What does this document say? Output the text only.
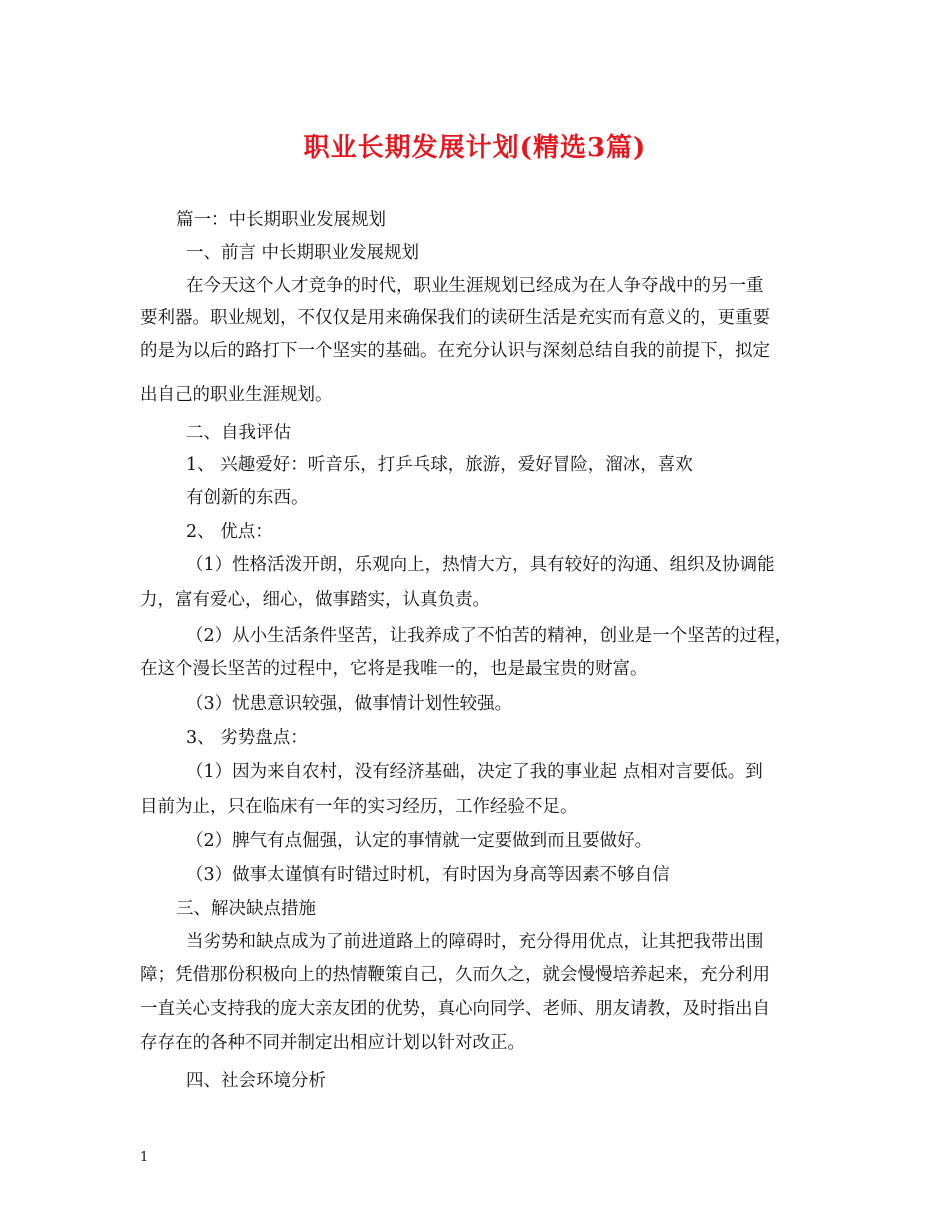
职业长期发展计划(精选3篇)
篇一：中长期职业发展规划
一、前言 中长期职业发展规划
在今天这个人才竞争的时代，职业生涯规划已经成为在人争夺战中的另一重
要利器。职业规划，不仅仅是用来确保我们的读研生活是充实而有意义的，更重要
的是为以后的路打下一个坚实的基础。在充分认识与深刻总结自我的前提下，拟定
出自己的职业生涯规划。
二、自我评估
1、 兴趣爱好：听音乐，打乒乓球，旅游，爱好冒险，溜冰，喜欢
有创新的东西。
2、 优点：
（1）性格活泼开朗，乐观向上，热情大方，具有较好的沟通、组织及协调能
力，富有爱心，细心，做事踏实，认真负责。
（2）从小生活条件坚苦，让我养成了不怕苦的精神，创业是一个坚苦的过程，
在这个漫长坚苦的过程中，它将是我唯一的，也是最宝贵的财富。
（3）忧患意识较强，做事情计划性较强。
3、 劣势盘点：
（1）因为来自农村，没有经济基础，决定了我的事业起 点相对言要低。到
目前为止，只在临床有一年的实习经历，工作经验不足。
（2）脾气有点倔强，认定的事情就一定要做到而且要做好。
（3）做事太谨慎有时错过时机，有时因为身高等因素不够自信
三、解决缺点措施
当劣势和缺点成为了前进道路上的障碍时，充分得用优点，让其把我带出围
障；凭借那份积极向上的热情鞭策自己，久而久之，就会慢慢培养起来，充分利用
一直关心支持我的庞大亲友团的优势，真心向同学、老师、朋友请教，及时指出自
存存在的各种不同并制定出相应计划以针对改正。
四、社会环境分析
1
